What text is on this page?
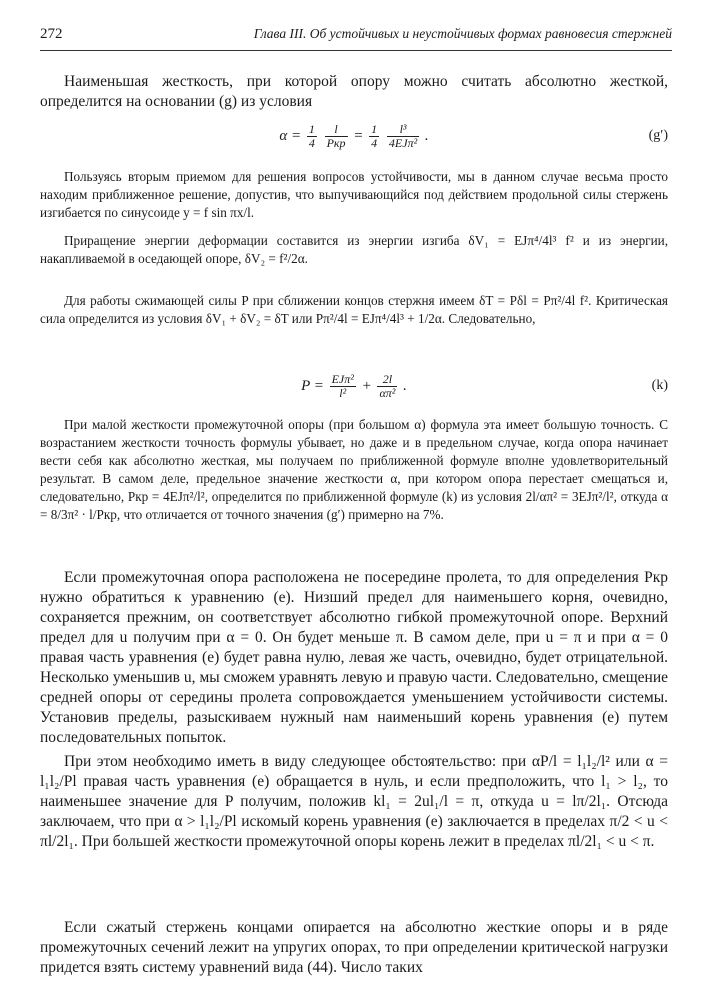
272	Глава III. Об устойчивых и неустойчивых формах равновесия стержней
Наименьшая жесткость, при которой опору можно считать абсолютно жесткой, определится на основании (g) из условия
$\alpha = \frac{1}{4}$
$\frac{l}{\text{Pкр}} = \frac{1}{4}$
$\frac{\text{l³}}{\text{4EJπ²}}$ .	(g′)
Пользуясь вторым приемом для решения вопросов устойчивости, мы в данном случае весьма просто находим приближенное решение, допустив, что выпучивающийся под действием продольной силы стержень изгибается по синусоиде y = f sin πx/l.
Приращение энергии деформации составится из энергии изгиба δV₁ = EJπ⁴/4l³ f² и из энергии, накапливаемой в оседающей опоре, δV₂ = f²/2α.
Для работы сжимающей силы P при сближении концов стержня имеем δT = Pδl = Pπ²/4l f². Критическая сила определится из условия δV₁ + δV₂ = δT или Pπ²/4l = EJπ⁴/4l³ + 1/2α. Следовательно,
$P = \frac{\text{EJπ²}}{\text{l²}} + \frac{2l}{\text{απ²}}$ .	(k)
При малой жесткости промежуточной опоры (при большом α) формула эта имеет большую точность. С возрастанием жесткости точность формулы убывает, но даже и в предельном случае, когда опора начинает вести себя как абсолютно жесткая, мы получаем по приближенной формуле вполне удовлетворительный результат. В самом деле, предельное значение жесткости α, при котором опора перестает смещаться и, следовательно, Pкр = 4EJπ²/l², определится по приближенной формуле (k) из условия 2l/απ² = 3EJπ²/l², откуда α = 8/3π² · l/Pкр, что отличается от точного значения (g′) примерно на 7%.
Если промежуточная опора расположена не посередине пролета, то для определения Pкр нужно обратиться к уравнению (e). Низший предел для наименьшего корня, очевидно, сохраняется прежним, он соответствует абсолютно гибкой промежуточной опоре. Верхний предел для u получим при α = 0. Он будет меньше π. В самом деле, при u = π и при α = 0 правая часть уравнения (e) будет равна нулю, левая же часть, очевидно, будет отрицательной. Несколько уменьшив u, мы сможем уравнять левую и правую части. Следовательно, смещение средней опоры от середины пролета сопровождается уменьшением устойчивости системы. Установив пределы, разыскиваем нужный нам наименьший корень уравнения (e) путем последовательных попыток.
При этом необходимо иметь в виду следующее обстоятельство: при αP/l = l₁l₂/l² или α = l₁l₂/Pl правая часть уравнения (e) обращается в нуль, и если предположить, что l₁ > l₂, то наименьшее значение для P получим, положив kl₁ = 2ul₁/l = π, откуда u = lπ/2l₁. Отсюда заключаем, что при α > l₁l₂/Pl искомый корень уравнения (e) заключается в пределах π/2 < u < πl/2l₁. При большей жесткости промежуточной опоры корень лежит в пределах πl/2l₁ < u < π.
Если сжатый стержень концами опирается на абсолютно жесткие опоры и в ряде промежуточных сечений лежит на упругих опорах, то при определении критической нагрузки придется взять систему уравнений вида (44). Число таких
